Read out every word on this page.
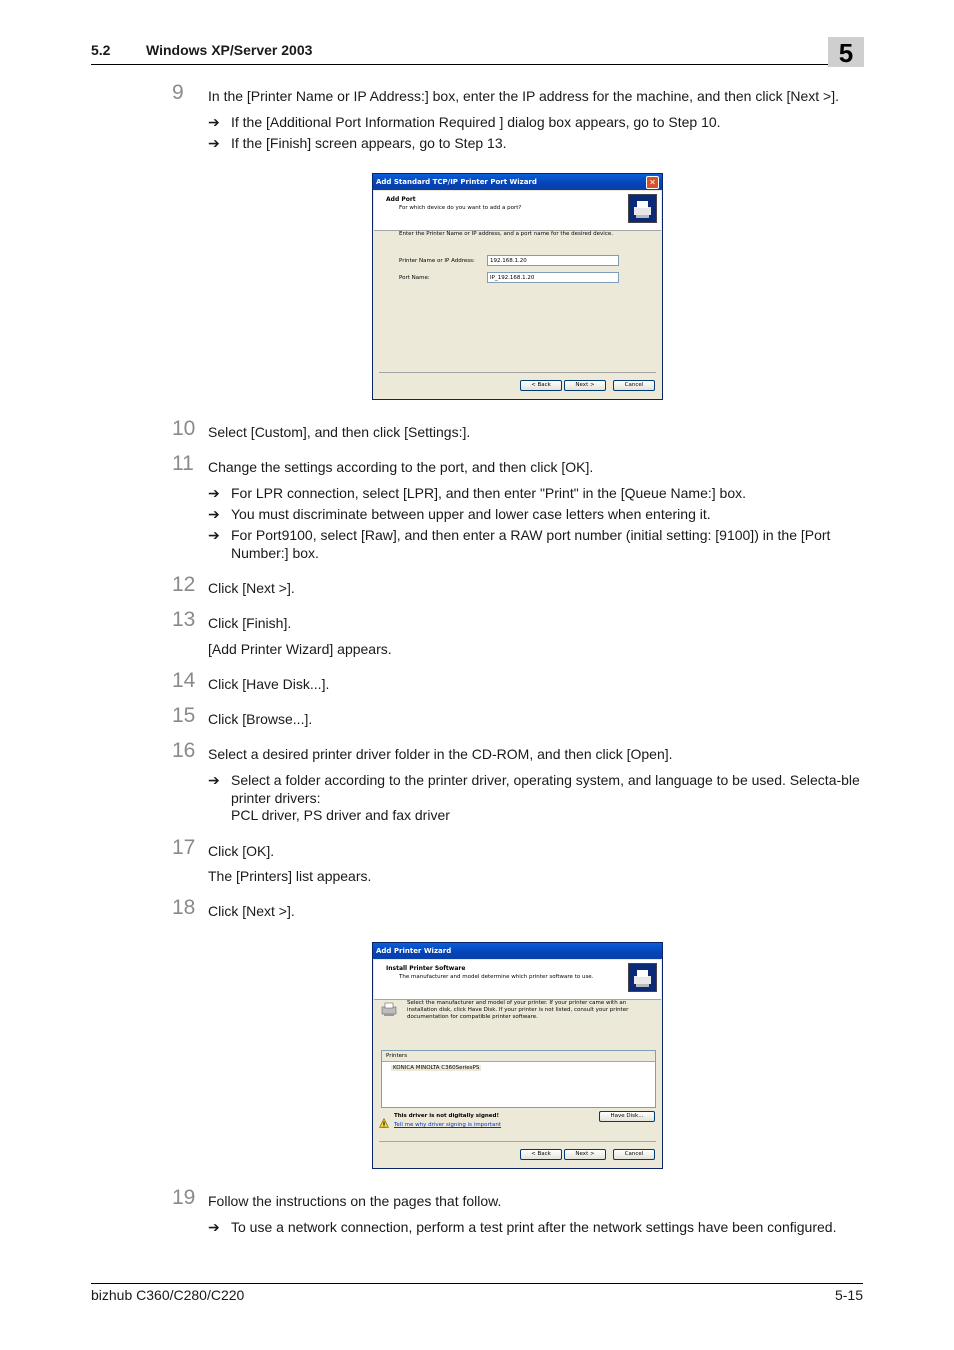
5.2	Windows XP/Server 2003	5
9	In the [Printer Name or IP Address:] box, enter the IP address for the machine, and then click [Next >].
➔ If the [Additional Port Information Required ] dialog box appears, go to Step 10.
➔ If the [Finish] screen appears, go to Step 13.
Add Standard TCP/IP Printer Port Wizard	✕
Add Port
For which device do you want to add a port?
Enter the Printer Name or IP address, and a port name for the desired device.
Printer Name or IP Address:	192.168.1.20
Port Name:	IP_192.168.1.20
< Back	Next >	Cancel
10 Select [Custom], and then click [Settings:].
11	Change the settings according to the port, and then click [OK].
➔ For LPR connection, select [LPR], and then enter "Print" in the [Queue Name:] box.
➔ You must discriminate between upper and lower case letters when entering it.
➔ For Port9100, select [Raw], and then enter a RAW port number (initial setting: [9100]) in the [Port Number:] box.
12 Click [Next >].
13 Click [Finish].
[Add Printer Wizard] appears.
14 Click [Have Disk...].
15 Click [Browse...].
16 Select a desired printer driver folder in the CD-ROM, and then click [Open].
➔ Select a folder according to the printer driver, operating system, and language to be used. Selecta-ble printer drivers:
PCL driver, PS driver and fax driver
17 Click [OK].
The [Printers] list appears.
18 Click [Next >].
Add Printer Wizard
Install Printer Software
The manufacturer and model determine which printer software to use.
Select the manufacturer and model of your printer. If your printer came with an installation disk, click Have Disk. If your printer is not listed, consult your printer documentation for compatible printer software.
Printers
KONICA MINOLTA C360SeriesPS
This driver is not digitally signed!
Tell me why driver signing is important
Have Disk...
< Back	Next >	Cancel
19 Follow the instructions on the pages that follow.
➔ To use a network connection, perform a test print after the network settings have been configured.
bizhub C360/C280/C220	5-15
